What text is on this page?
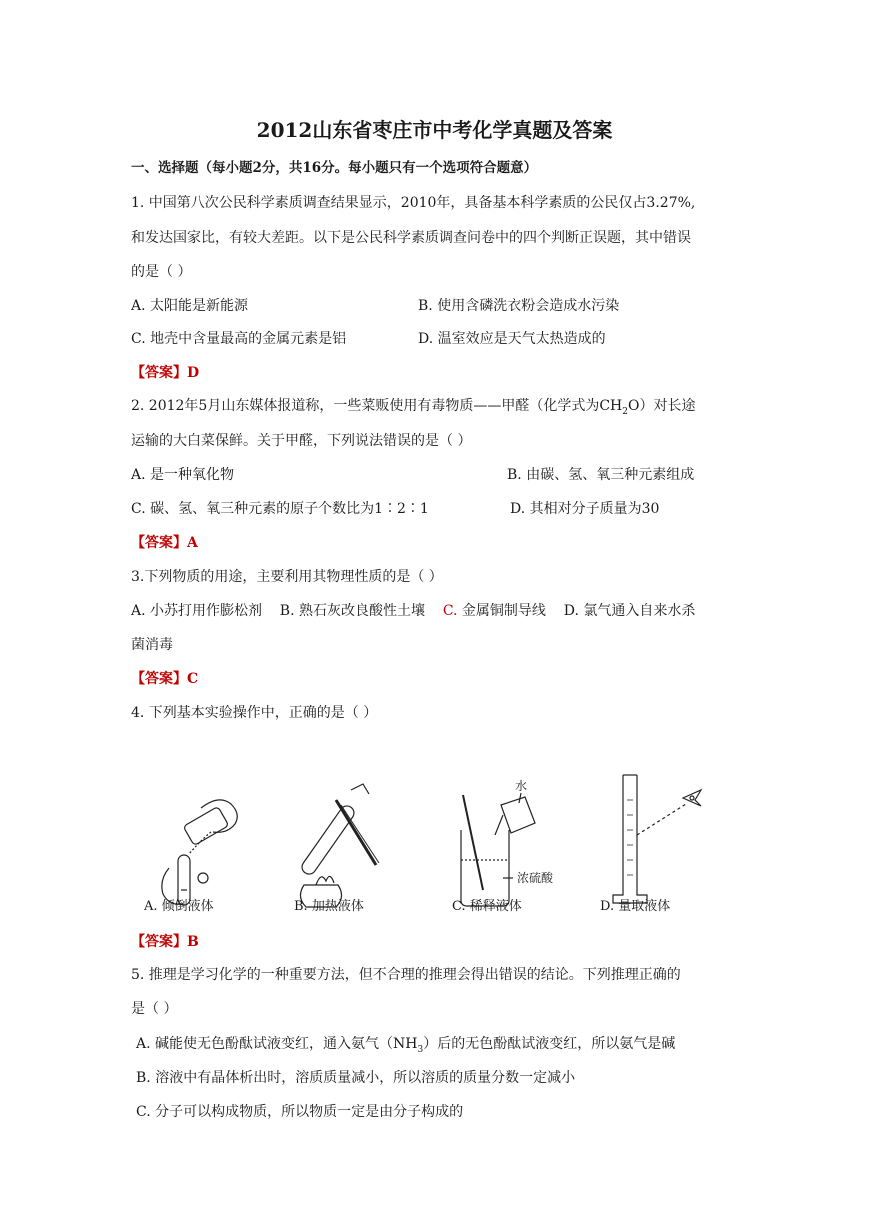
2012山东省枣庄市中考化学真题及答案
一、选择题（每小题2分，共16分。每小题只有一个选项符合题意）
1. 中国第八次公民科学素质调查结果显示，2010年，具备基本科学素质的公民仅占3.27%,
和发达国家比，有较大差距。以下是公民科学素质调查问卷中的四个判断正误题，其中错误
的是（ ）
A. 太阳能是新能源	B. 使用含磷洗衣粉会造成水污染
C. 地壳中含量最高的金属元素是铝	D. 温室效应是天气太热造成的
【答案】D
2. 2012年5月山东媒体报道称，一些菜贩使用有毒物质——甲醛（化学式为$CH_2O$）对长途
运输的大白菜保鲜。关于甲醛，下列说法错误的是（ ）
A. 是一种氧化物	B. 由碳、氢、氧三种元素组成
C. 碳、氢、氧三种元素的原子个数比为1∶2∶1	D. 其相对分子质量为30
【答案】A
3.下列物质的用途，主要利用其物理性质的是（ ）
A. 小苏打用作膨松剂    B. 熟石灰改良酸性土壤    C. 金属铜制导线    D. 氯气通入自来水杀
菌消毒
【答案】C
4. 下列基本实验操作中，正确的是（ ）
水
浓硫酸
A. 倾倒液体	B. 加热液体	C. 稀释液体	D. 量取液体
【答案】B
5. 推理是学习化学的一种重要方法，但不合理的推理会得出错误的结论。下列推理正确的
是（ ）
A. 碱能使无色酚酞试液变红，通入氨气$(NH_3)$后的无色酚酞试液变红，所以氨气是碱
B. 溶液中有晶体析出时，溶质质量减小，所以溶质的质量分数一定减小
C. 分子可以构成物质，所以物质一定是由分子构成的
